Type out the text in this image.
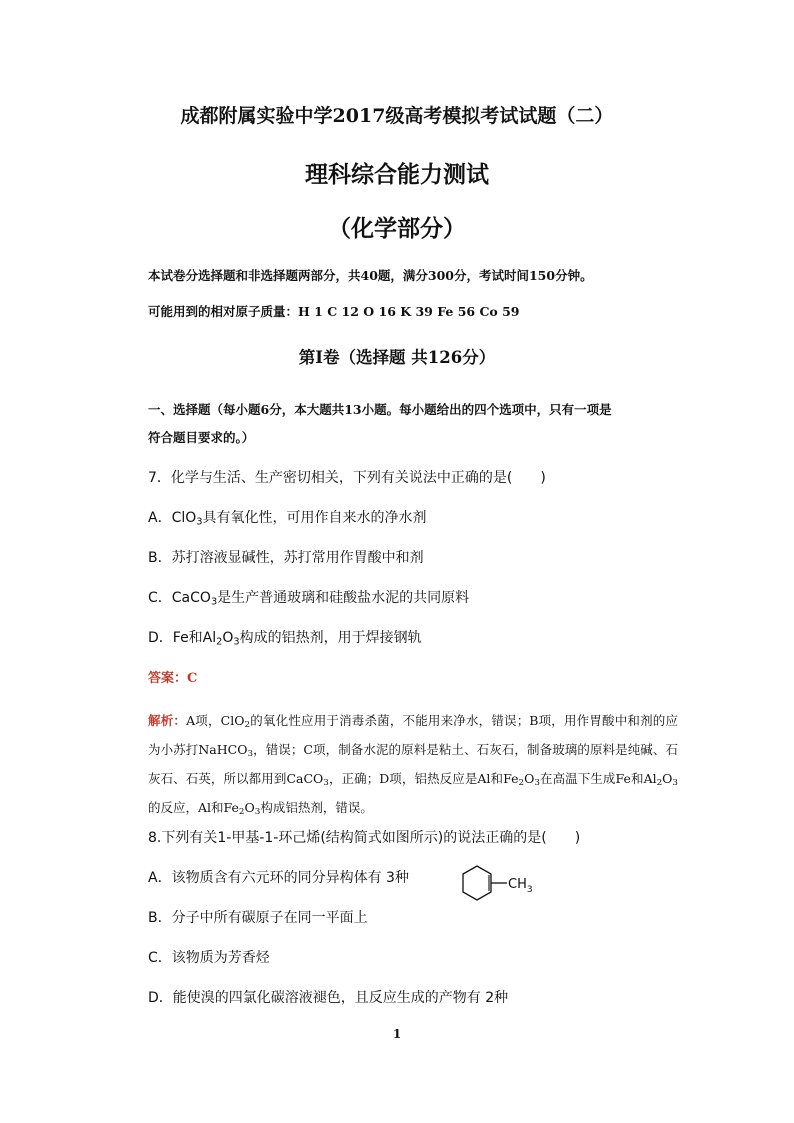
成都附属实验中学2017级高考模拟考试试题（二）
理科综合能力测试
（化学部分）
本试卷分选择题和非选择题两部分，共40题，满分300分，考试时间150分钟。
可能用到的相对原子质量：H 1 C 12 O 16 K 39 Fe 56 Co 59
第Ⅰ卷（选择题 共126分）
一、选择题（每小题6分，本大题共13小题。每小题给出的四个选项中，只有一项是
符合题目要求的。）
7．化学与生活、生产密切相关，下列有关说法中正确的是(　　)
A．ClO$_3$具有氧化性，可用作自来水的净水剂
B．苏打溶液显碱性，苏打常用作胃酸中和剂
C．CaCO$_3$是生产普通玻璃和硅酸盐水泥的共同原料
D．Fe和$Al_2O_3$构成的铝热剂，用于焊接钢轨
答案：C
解析：A项，ClO$_2$的氧化性应用于消毒杀菌，不能用来净水，错误；B项，用作胃酸中和剂的应为小苏打NaHCO$_3$，错误；C项，制备水泥的原料是粘土、石灰石，制备玻璃的原料是纯碱、石灰石、石英，所以都用到CaCO$_3$，正确；D项，铝热反应是Al和$Fe_2O_3$在高温下生成Fe和$Al_2O_3$的反应，Al和$Fe_2O_3$构成铝热剂，错误。
8.下列有关1-甲基-1-环己烯(结构简式如图所示)的说法正确的是(　　)
A．该物质含有六元环的同分异构体有 3种
B．分子中所有碳原子在同一平面上
C．该物质为芳香烃
D．能使溴的四氯化碳溶液褪色，且反应生成的产物有 2种
$CH_3$
1
